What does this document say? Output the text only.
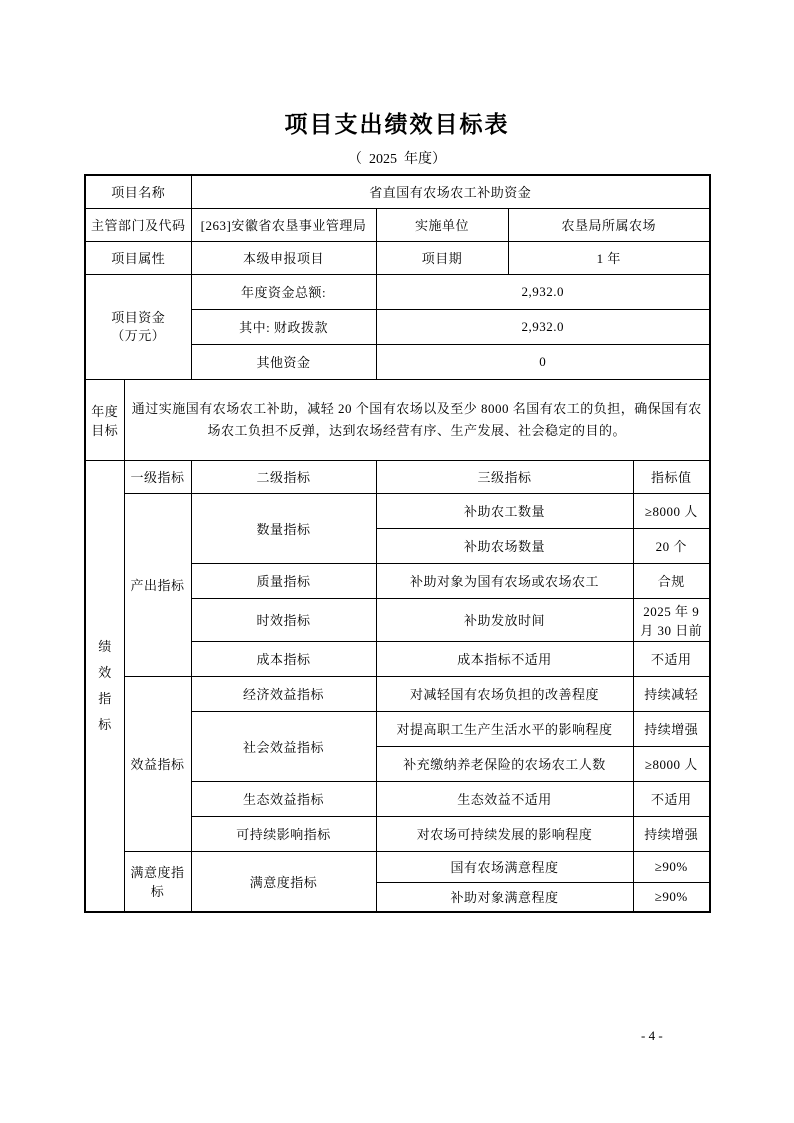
项目支出绩效目标表
（  2025  年度）
项目名称		省直国有农场农工补助资金			
主管部门及代码		[263]安徽省农垦事业管理局	实施单位	农垦局所属农场	
项目属性		本级申报项目	项目期	1 年	

项目资金
（万元）		年度资金总额:	2,932.0		
		其中: 财政拨款	2,932.0		
		其他资金	0		
年度目标	通过实施国有农场农工补助，减轻 20 个国有农场以及至少 8000 名国有农工的负担，确保国有农场农工负担不反弹，达到农场经营有序、生产发展、社会稳定的目的。				

绩效指标	一级指标	二级指标	三级指标		指标值
	产出指标	数量指标	补助农工数量		≥8000 人
			补助农场数量		20 个
		质量指标	补助对象为国有农场或农场农工		合规
		时效指标	补助发放时间		2025 年 9 月 30 日前
		成本指标	成本指标不适用		不适用
	效益指标	经济效益指标	对减轻国有农场负担的改善程度		持续减轻
		社会效益指标	对提高职工生产生活水平的影响程度		持续增强
			补充缴纳养老保险的农场农工人数		≥8000 人
		生态效益指标	生态效益不适用		不适用
		可持续影响指标	对农场可持续发展的影响程度		持续增强
	满意度指标	满意度指标	国有农场满意程度		≥90%
			补助对象满意程度		≥90%
- 4 -
